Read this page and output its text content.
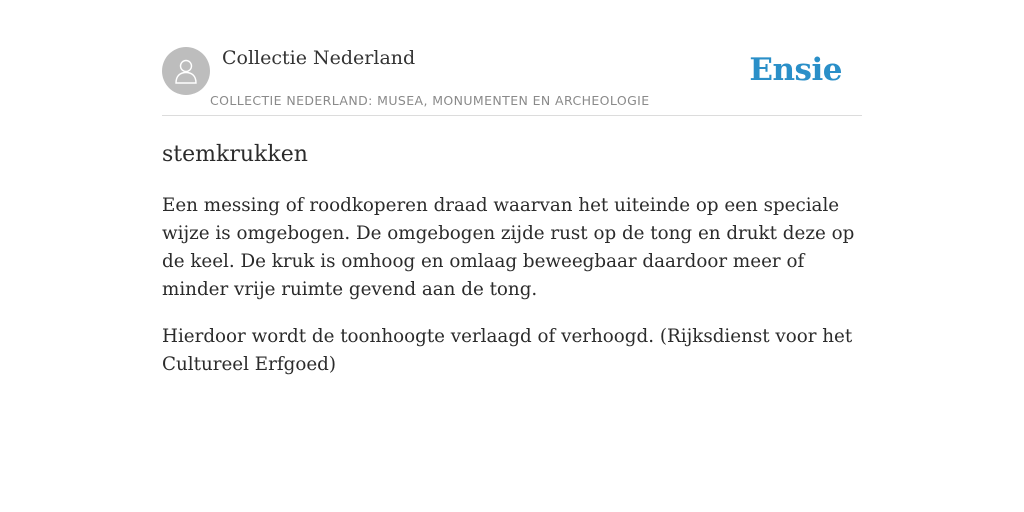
Collectie Nederland
COLLECTIE NEDERLAND: MUSEA, MONUMENTEN EN ARCHEOLOGIE
Ensie
stemkrukken

Een messing of roodkoperen draad waarvan het uiteinde op een speciale wijze is omgebogen. De omgebogen zijde rust op de tong en drukt deze op de keel. De kruk is omhoog en omlaag beweegbaar daardoor meer of minder vrije ruimte gevend aan de tong.

Hierdoor wordt de toonhoogte verlaagd of verhoogd. (Rijksdienst voor het Cultureel Erfgoed)
